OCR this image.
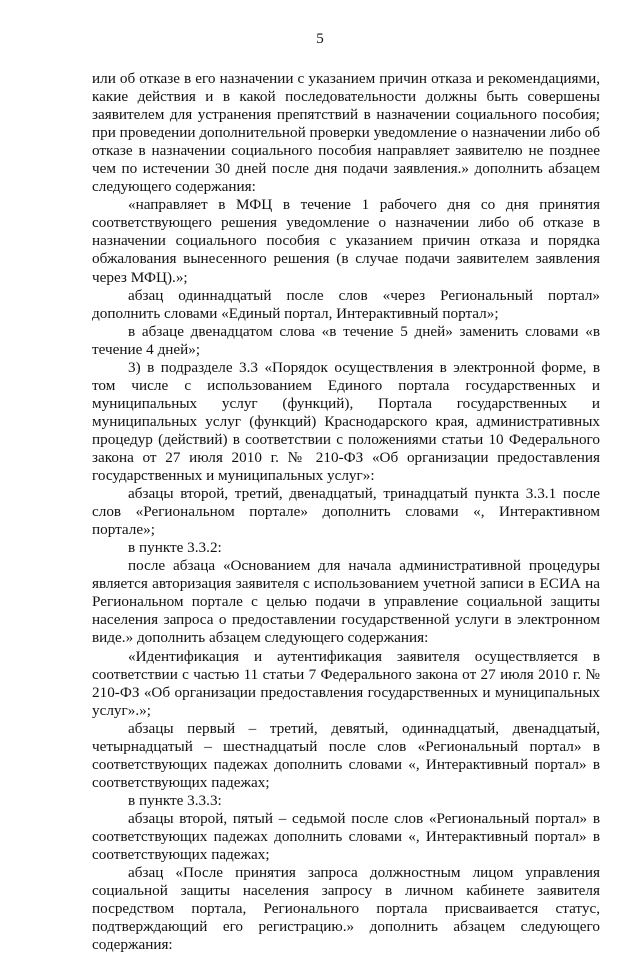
5

или об отказе в его назначении с указанием причин отказа и рекомендациями, какие действия и в какой последовательности должны быть совершены заявителем для устранения препятствий в назначении социального пособия; при проведении дополнительной проверки уведомление о назначении либо об отказе в назначении социального пособия направляет заявителю не позднее чем по истечении 30 дней после дня подачи заявления.» дополнить абзацем следующего содержания:

«направляет в МФЦ в течение 1 рабочего дня со дня принятия соответствующего решения уведомление о назначении либо об отказе в назначении социального пособия с указанием причин отказа и порядка обжалования вынесенного решения (в случае подачи заявителем заявления через МФЦ).»;

абзац одиннадцатый после слов «через Региональный портал» дополнить словами «Единый портал, Интерактивный портал»;

в абзаце двенадцатом слова «в течение 5 дней» заменить словами «в течение 4 дней»;

3) в подразделе 3.3 «Порядок осуществления в электронной форме, в том числе с использованием Единого портала государственных и муниципальных услуг (функций), Портала государственных и муниципальных услуг (функций) Краснодарского края, административных процедур (действий) в соответствии с положениями статьи 10 Федерального закона от 27 июля 2010 г. № 210-ФЗ «Об организации предоставления государственных и муниципальных услуг»:

абзацы второй, третий, двенадцатый, тринадцатый пункта 3.3.1 после слов «Региональном портале» дополнить словами «, Интерактивном портале»;

в пункте 3.3.2:

после абзаца «Основанием для начала административной процедуры является авторизация заявителя с использованием учетной записи в ЕСИА на Региональном портале с целью подачи в управление социальной защиты населения запроса о предоставлении государственной услуги в электронном виде.» дополнить абзацем следующего содержания:

«Идентификация и аутентификация заявителя осуществляется в соответствии с частью 11 статьи 7 Федерального закона от 27 июля 2010 г. № 210-ФЗ «Об организации предоставления государственных и муниципальных услуг».»;

абзацы первый – третий, девятый, одиннадцатый, двенадцатый, четырнадцатый – шестнадцатый после слов «Региональный портал» в соответствующих падежах дополнить словами «, Интерактивный портал» в соответствующих падежах;

в пункте 3.3.3:

абзацы второй, пятый – седьмой после слов «Региональный портал» в соответствующих падежах дополнить словами «, Интерактивный портал» в соответствующих падежах;

абзац «После принятия запроса должностным лицом управления социальной защиты населения запросу в личном кабинете заявителя посредством портала, Регионального портала присваивается статус, подтверждающий его регистрацию.» дополнить абзацем следующего содержания:
